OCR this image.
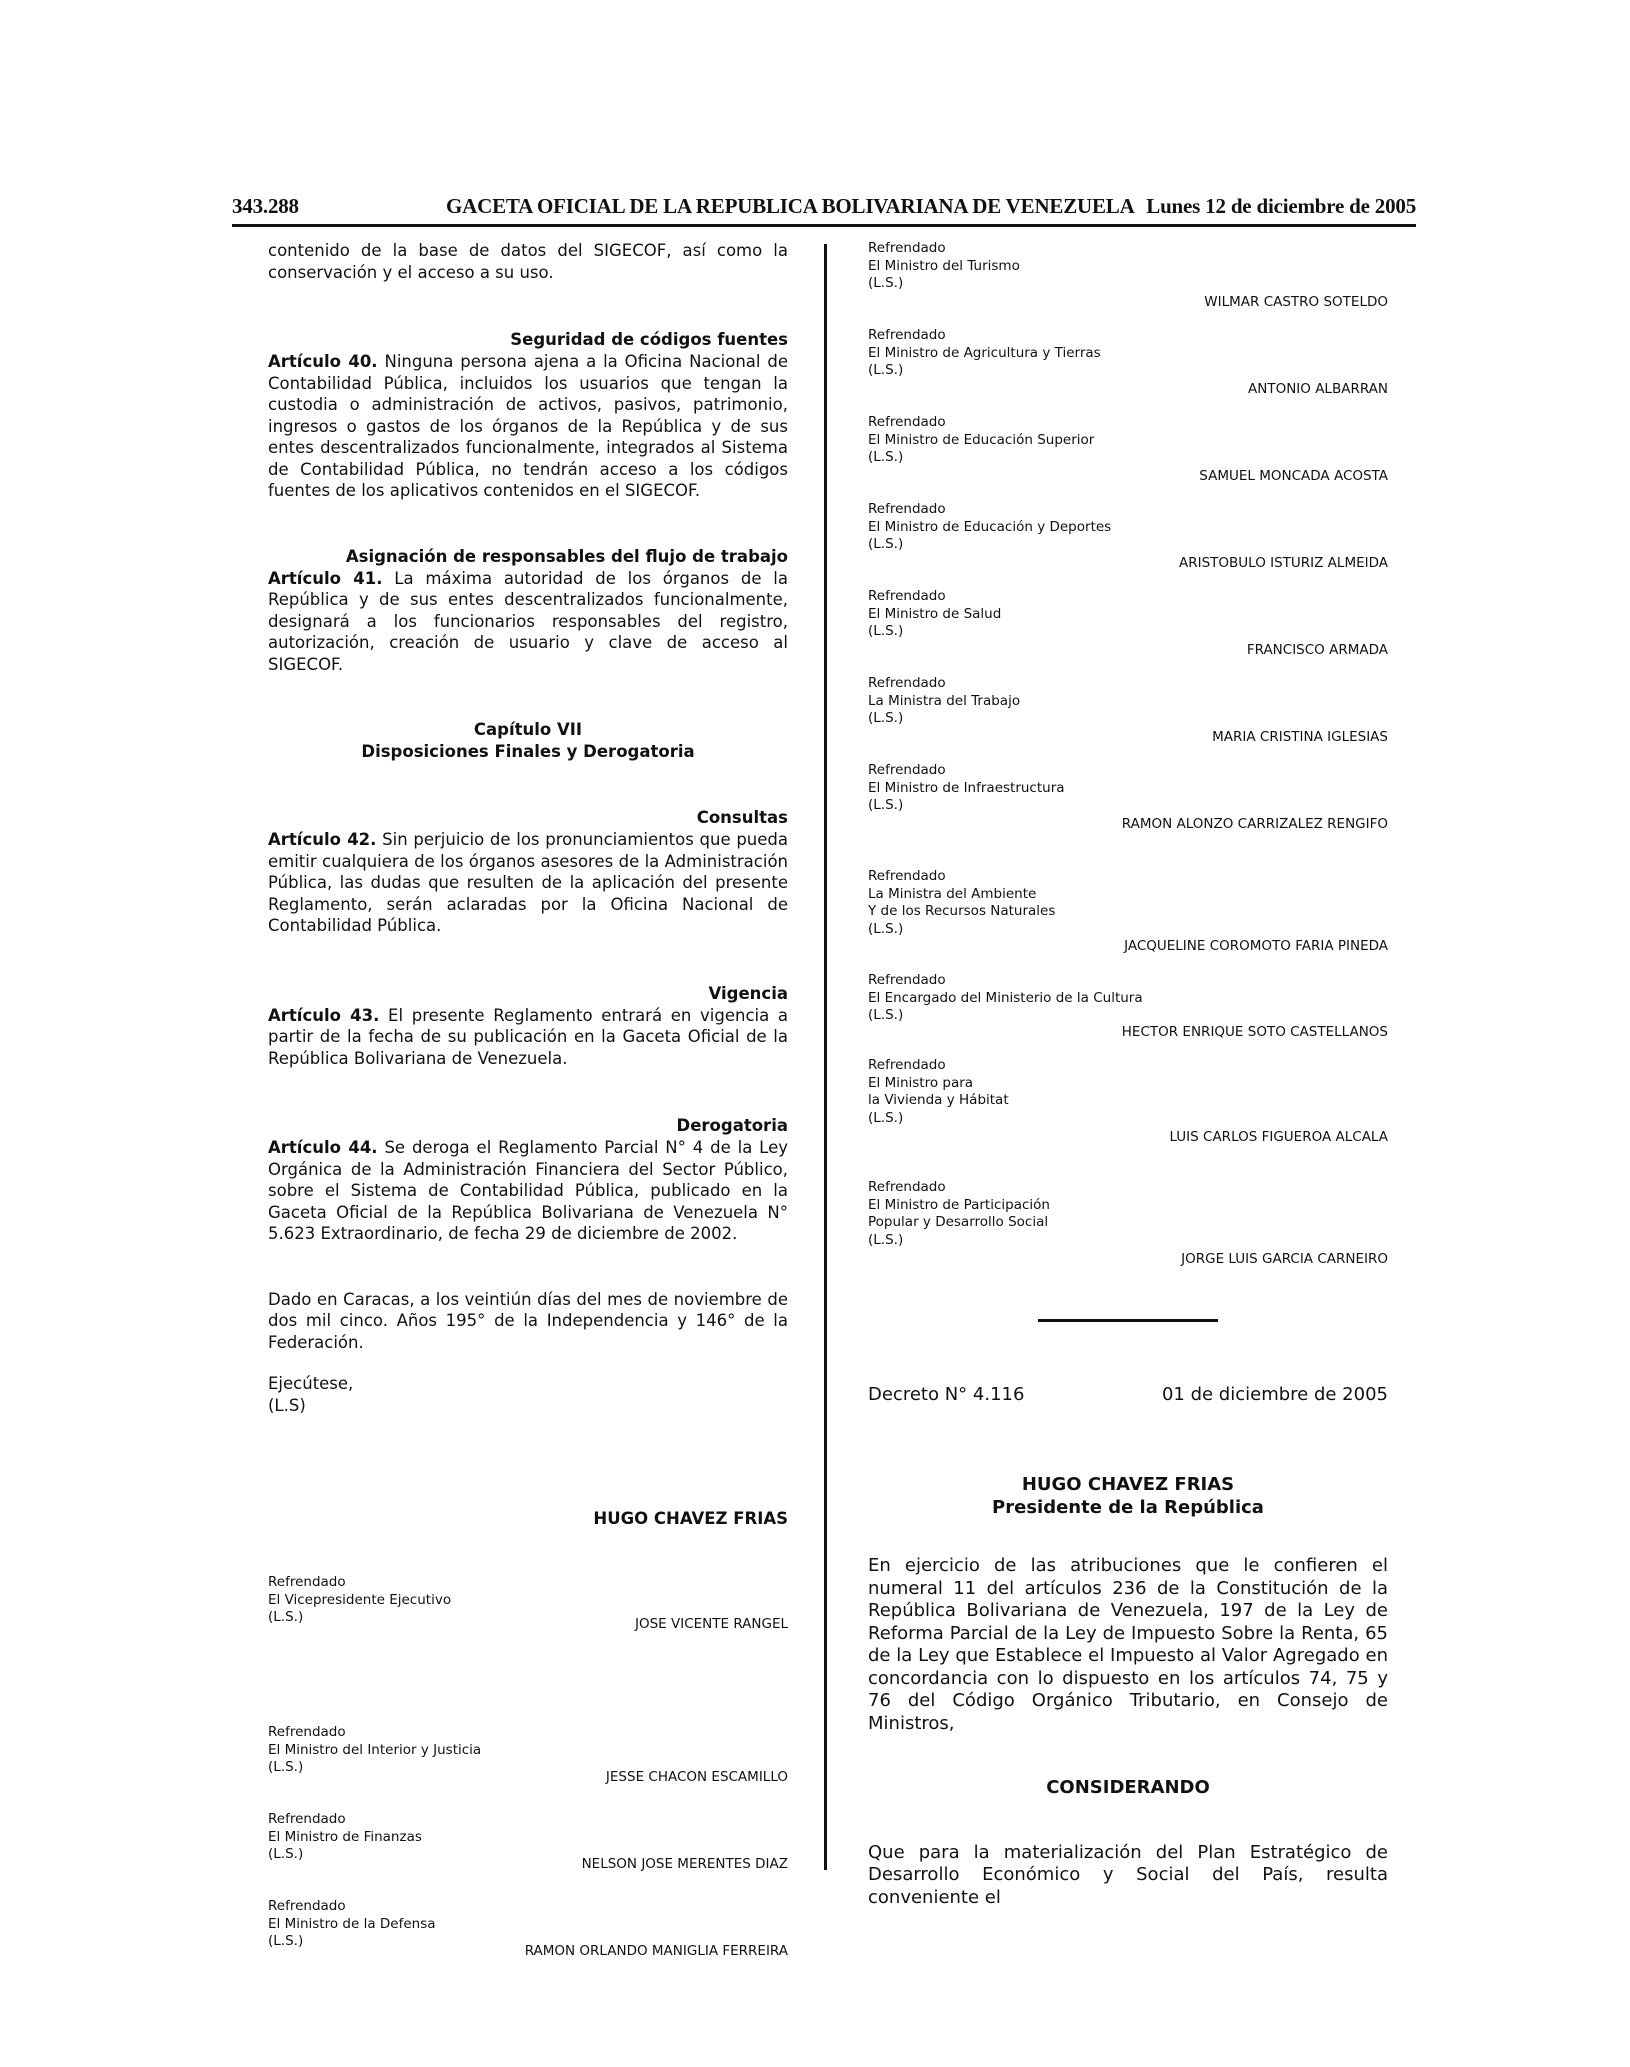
343.288	GACETA OFICIAL DE LA REPUBLICA BOLIVARIANA DE VENEZUELA Lunes 12 de diciembre de 2005

contenido de la base de datos del SIGECOF, así como la conservación y el acceso a su uso.

Seguridad de códigos fuentes

Artículo 40. Ninguna persona ajena a la Oficina Nacional de Contabilidad Pública, incluidos los usuarios que tengan la custodia o administración de activos, pasivos, patrimonio, ingresos o gastos de los órganos de la República y de sus entes descentralizados funcionalmente, integrados al Sistema de Contabilidad Pública, no tendrán acceso a los códigos fuentes de los aplicativos contenidos en el SIGECOF.

Asignación de responsables del flujo de trabajo

Artículo 41. La máxima autoridad de los órganos de la República y de sus entes descentralizados funcionalmente, designará a los funcionarios responsables del registro, autorización, creación de usuario y clave de acceso al SIGECOF.

Capítulo VII
Disposiciones Finales y Derogatoria
Consultas

Artículo 42. Sin perjuicio de los pronunciamientos que pueda emitir cualquiera de los órganos asesores de la Administración Pública, las dudas que resulten de la aplicación del presente Reglamento, serán aclaradas por la Oficina Nacional de Contabilidad Pública.

Vigencia

Artículo 43. El presente Reglamento entrará en vigencia a partir de la fecha de su publicación en la Gaceta Oficial de la República Bolivariana de Venezuela.

Derogatoria

Artículo 44. Se deroga el Reglamento Parcial N° 4 de la Ley Orgánica de la Administración Financiera del Sector Público, sobre el Sistema de Contabilidad Pública, publicado en la Gaceta Oficial de la República Bolivariana de Venezuela N° 5.623 Extraordinario, de fecha 29 de diciembre de 2002.

Dado en Caracas, a los veintiún días del mes de noviembre de dos mil cinco. Años 195° de la Independencia y 146° de la Federación.

Ejecútese,

(L.S)

HUGO CHAVEZ FRIAS
Refrendado
El Vicepresidente Ejecutivo
(L.S.)	JOSE VICENTE RANGEL
Refrendado
El Ministro del Interior y Justicia
(L.S.)
JESSE CHACON ESCAMILLO
Refrendado
El Ministro de Finanzas
(L.S.)
NELSON JOSE MERENTES DIAZ
Refrendado
El Ministro de la Defensa
(L.S.)
RAMON ORLANDO MANIGLIA FERREIRA
Refrendado
El Ministro del Turismo
(L.S.)
WILMAR CASTRO SOTELDO
Refrendado
El Ministro de Agricultura y Tierras
(L.S.)
ANTONIO ALBARRAN
Refrendado
El Ministro de Educación Superior
(L.S.)
SAMUEL MONCADA ACOSTA
Refrendado
El Ministro de Educación y Deportes
(L.S.)
ARISTOBULO ISTURIZ ALMEIDA
Refrendado
El Ministro de Salud
(L.S.)
FRANCISCO ARMADA
Refrendado
La Ministra del Trabajo
(L.S.)
MARIA CRISTINA IGLESIAS
Refrendado
El Ministro de Infraestructura
(L.S.)
RAMON ALONZO CARRIZALEZ RENGIFO
Refrendado
La Ministra del Ambiente
Y de los Recursos Naturales
(L.S.)
JACQUELINE COROMOTO FARIA PINEDA
Refrendado
El Encargado del Ministerio de la Cultura
(L.S.)
HECTOR ENRIQUE SOTO CASTELLANOS
Refrendado
El Ministro para
la Vivienda y Hábitat
(L.S.)
LUIS CARLOS FIGUEROA ALCALA
Refrendado
El Ministro de Participación
Popular y Desarrollo Social
(L.S.)
JORGE LUIS GARCIA CARNEIRO
Decreto N° 4.116	01 de diciembre de 2005
HUGO CHAVEZ FRIAS
Presidente de la República

En ejercicio de las atribuciones que le confieren el numeral 11 del artículos 236 de la Constitución de la República Bolivariana de Venezuela, 197 de la Ley de Reforma Parcial de la Ley de Impuesto Sobre la Renta, 65 de la Ley que Establece el Impuesto al Valor Agregado en concordancia con lo dispuesto en los artículos 74, 75 y 76 del Código Orgánico Tributario, en Consejo de Ministros,

CONSIDERANDO

Que para la materialización del Plan Estratégico de Desarrollo Económico y Social del País, resulta conveniente el
